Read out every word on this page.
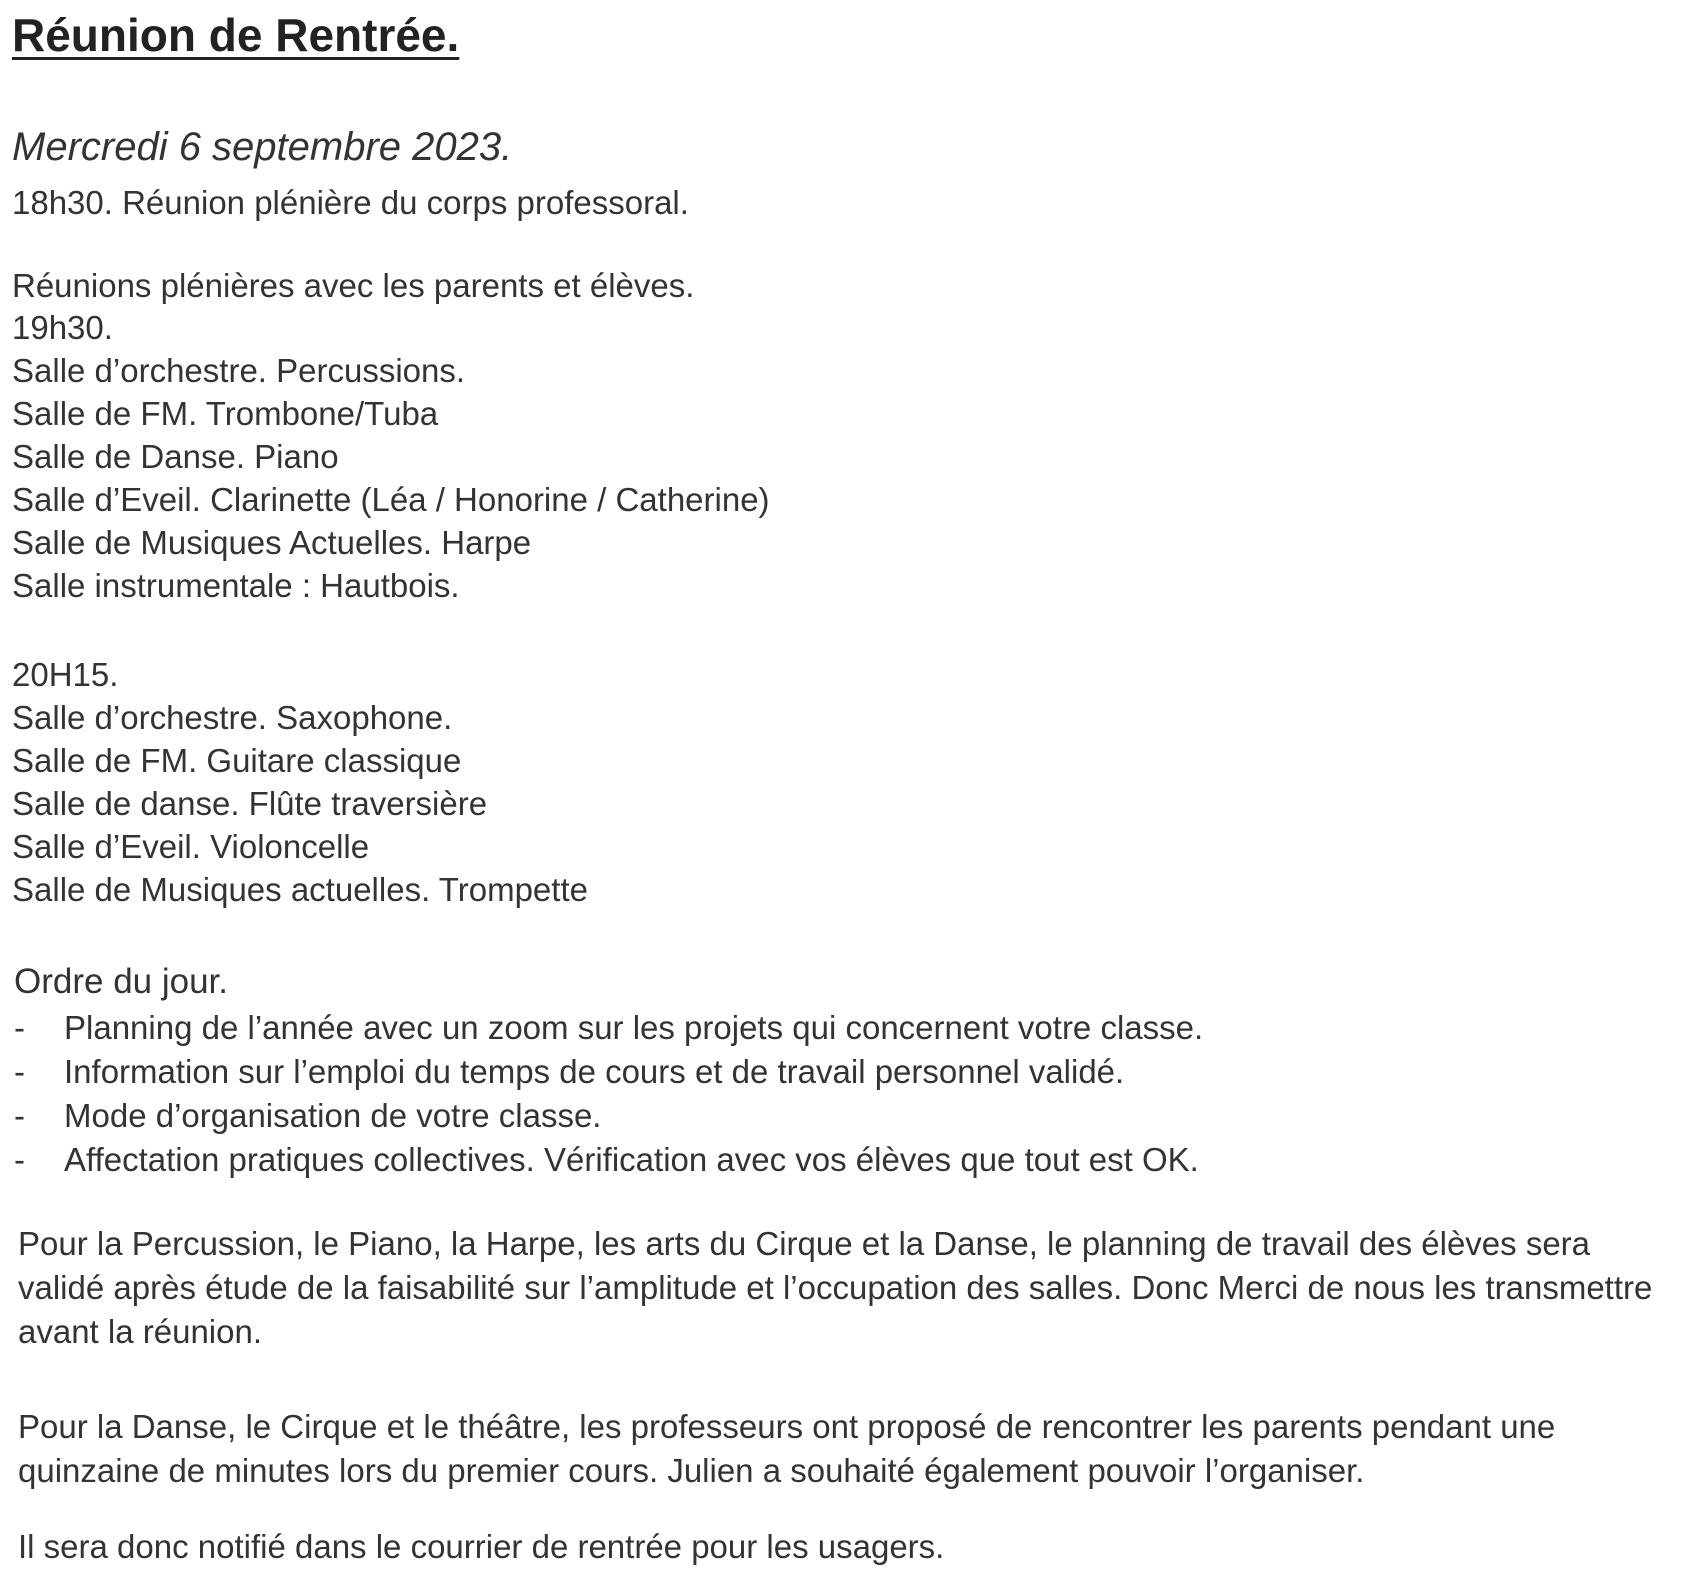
Réunion de Rentrée.

Mercredi 6 septembre 2023.

18h30. Réunion plénière du corps professoral.

Réunions plénières avec les parents et élèves.

19h30.

Salle d’orchestre. Percussions.

Salle de FM. Trombone/Tuba

Salle de Danse. Piano

Salle d’Eveil. Clarinette (Léa / Honorine / Catherine)

Salle de Musiques Actuelles. Harpe

Salle instrumentale : Hautbois.

20H15.

Salle d’orchestre. Saxophone.

Salle de FM. Guitare classique

Salle de danse. Flûte traversière

Salle d’Eveil. Violoncelle

Salle de Musiques actuelles. Trompette

Ordre du jour.

- Planning de l’année avec un zoom sur les projets qui concernent votre classe.
- Information sur l’emploi du temps de cours et de travail personnel validé.
- Mode d’organisation de votre classe.
- Affectation pratiques collectives. Vérification avec vos élèves que tout est OK.

Pour la Percussion, le Piano, la Harpe, les arts du Cirque et la Danse, le planning de travail des élèves sera validé après étude de la faisabilité sur l’amplitude et l’occupation des salles. Donc Merci de nous les transmettre avant la réunion.

Pour la Danse, le Cirque et le théâtre, les professeurs ont proposé de rencontrer les parents pendant une quinzaine de minutes lors du premier cours. Julien a souhaité également pouvoir l’organiser.

Il sera donc notifié dans le courrier de rentrée pour les usagers.
